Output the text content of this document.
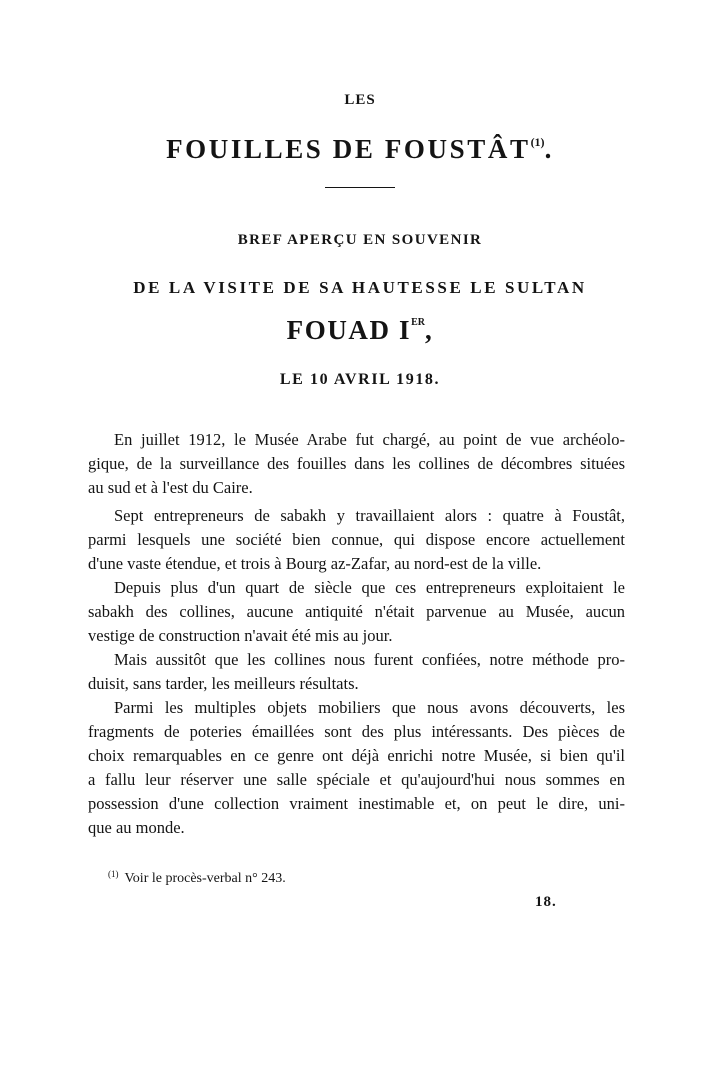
LES
FOUILLES DE FOUSTÂT$^{(1)}$.
BREF APERÇU EN SOUVENIR
DE LA VISITE DE SA HAUTESSE LE SULTAN
FOUAD IER,
LE 10 AVRIL 1918.

En juillet 1912, le Musée Arabe fut chargé, au point de vue archéolo-
gique, de la surveillance des fouilles dans les collines de décombres situées
au sud et à l'est du Caire.

Sept entrepreneurs de sabakh y travaillaient alors : quatre à Foustât,
parmi lesquels une société bien connue, qui dispose encore actuellement
d'une vaste étendue, et trois à Bourg az-Zafar, au nord-est de la ville.

Depuis plus d'un quart de siècle que ces entrepreneurs exploitaient le
sabakh des collines, aucune antiquité n'était parvenue au Musée, aucun
vestige de construction n'avait été mis au jour.

Mais aussitôt que les collines nous furent confiées, notre méthode pro-
duisit, sans tarder, les meilleurs résultats.

Parmi les multiples objets mobiliers que nous avons découverts, les
fragments de poteries émaillées sont des plus intéressants. Des pièces de
choix remarquables en ce genre ont déjà enrichi notre Musée, si bien qu'il
a fallu leur réserver une salle spéciale et qu'aujourd'hui nous sommes en
possession d'une collection vraiment inestimable et, on peut le dire, uni-
que au monde.

$^{(1)}$ Voir le procès-verbal n° 243.
18.
